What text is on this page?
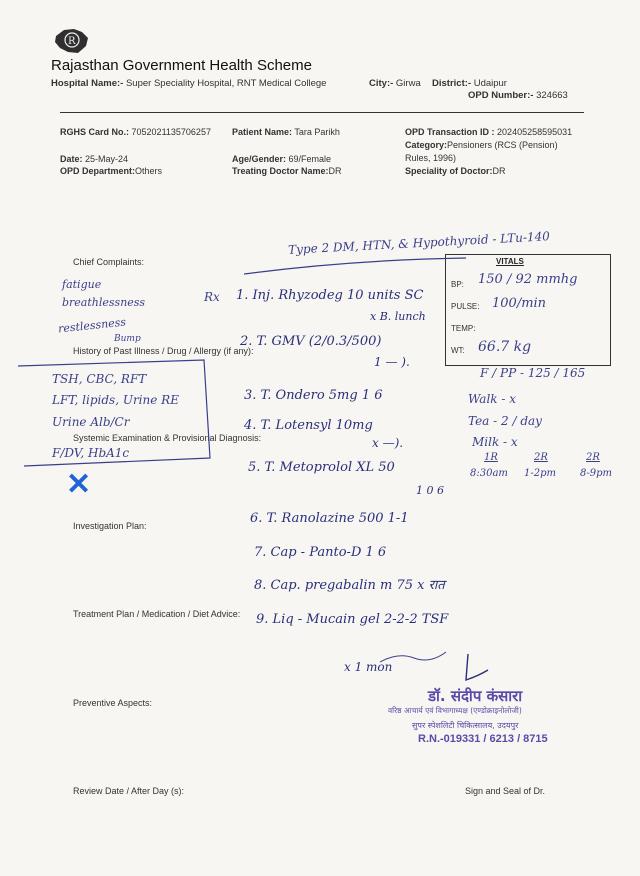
R
Rajasthan Government Health Scheme
Hospital Name:- Super Speciality Hospital, RNT Medical College	City:- Girwa District:- Udaipur
OPD Number:- 324663
RGHS Card No.: 7052021135706257 Patient Name: Tara Parikh	OPD Transaction ID : 202405258595031
Category:Pensioners (RCS (Pension)
Rules, 1996)
Date: 25-May-24	Age/Gender: 69/Female
OPD Department:Others	Treating Doctor Name:DR	Speciality of Doctor:DR
Chief Complaints:
History of Past Illness / Drug / Allergy (if any):
Systemic Examination & Provisional Diagnosis:
Investigation Plan:
Treatment Plan / Medication / Diet Advice:
Preventive Aspects:
Review Date / After Day (s):	Sign and Seal of Dr.
VITALS
BP: 150 / 92 mmhg
PULSE: 100/min
TEMP:
WT: 66.7 kg
Type 2 DM, HTN, & Hypothyroid - LTu-140
fatigue
breathlessness
restlessness
Bump
TSH, CBC, RFT
LFT, lipids, Urine RE
Urine Alb/Cr
F/DV, HbA1c
✕
Rx 1. Inj. Rhyzodeg 10 units SC
x B. lunch
2. T. GMV (2/0.3/500)
1 — ).
3. T. Ondero 5mg 1 6
4. T. Lotensyl 10mg
x —).
5. T. Metoprolol XL 50
1 0 6
6. T. Ranolazine 500 1-1
7. Cap - Panto-D 1 6
8. Cap. pregabalin m 75 x रात
9. Liq - Mucain gel 2-2-2 TSF
x 1 mon
F / PP - 125 / 165
Walk - x
Tea - 2 / day
Milk - x
1R
8:30am
2R
1-2pm
2R
8-9pm
डॉ. संदीप कंसारा
वरिष्ठ आचार्य एवं विभागाध्यक्ष (एण्डोक्राइनोलोजी)
सुपर स्पेशलिटी चिकित्सालय, उदयपुर
R.N.-019331 / 6213 / 8715
